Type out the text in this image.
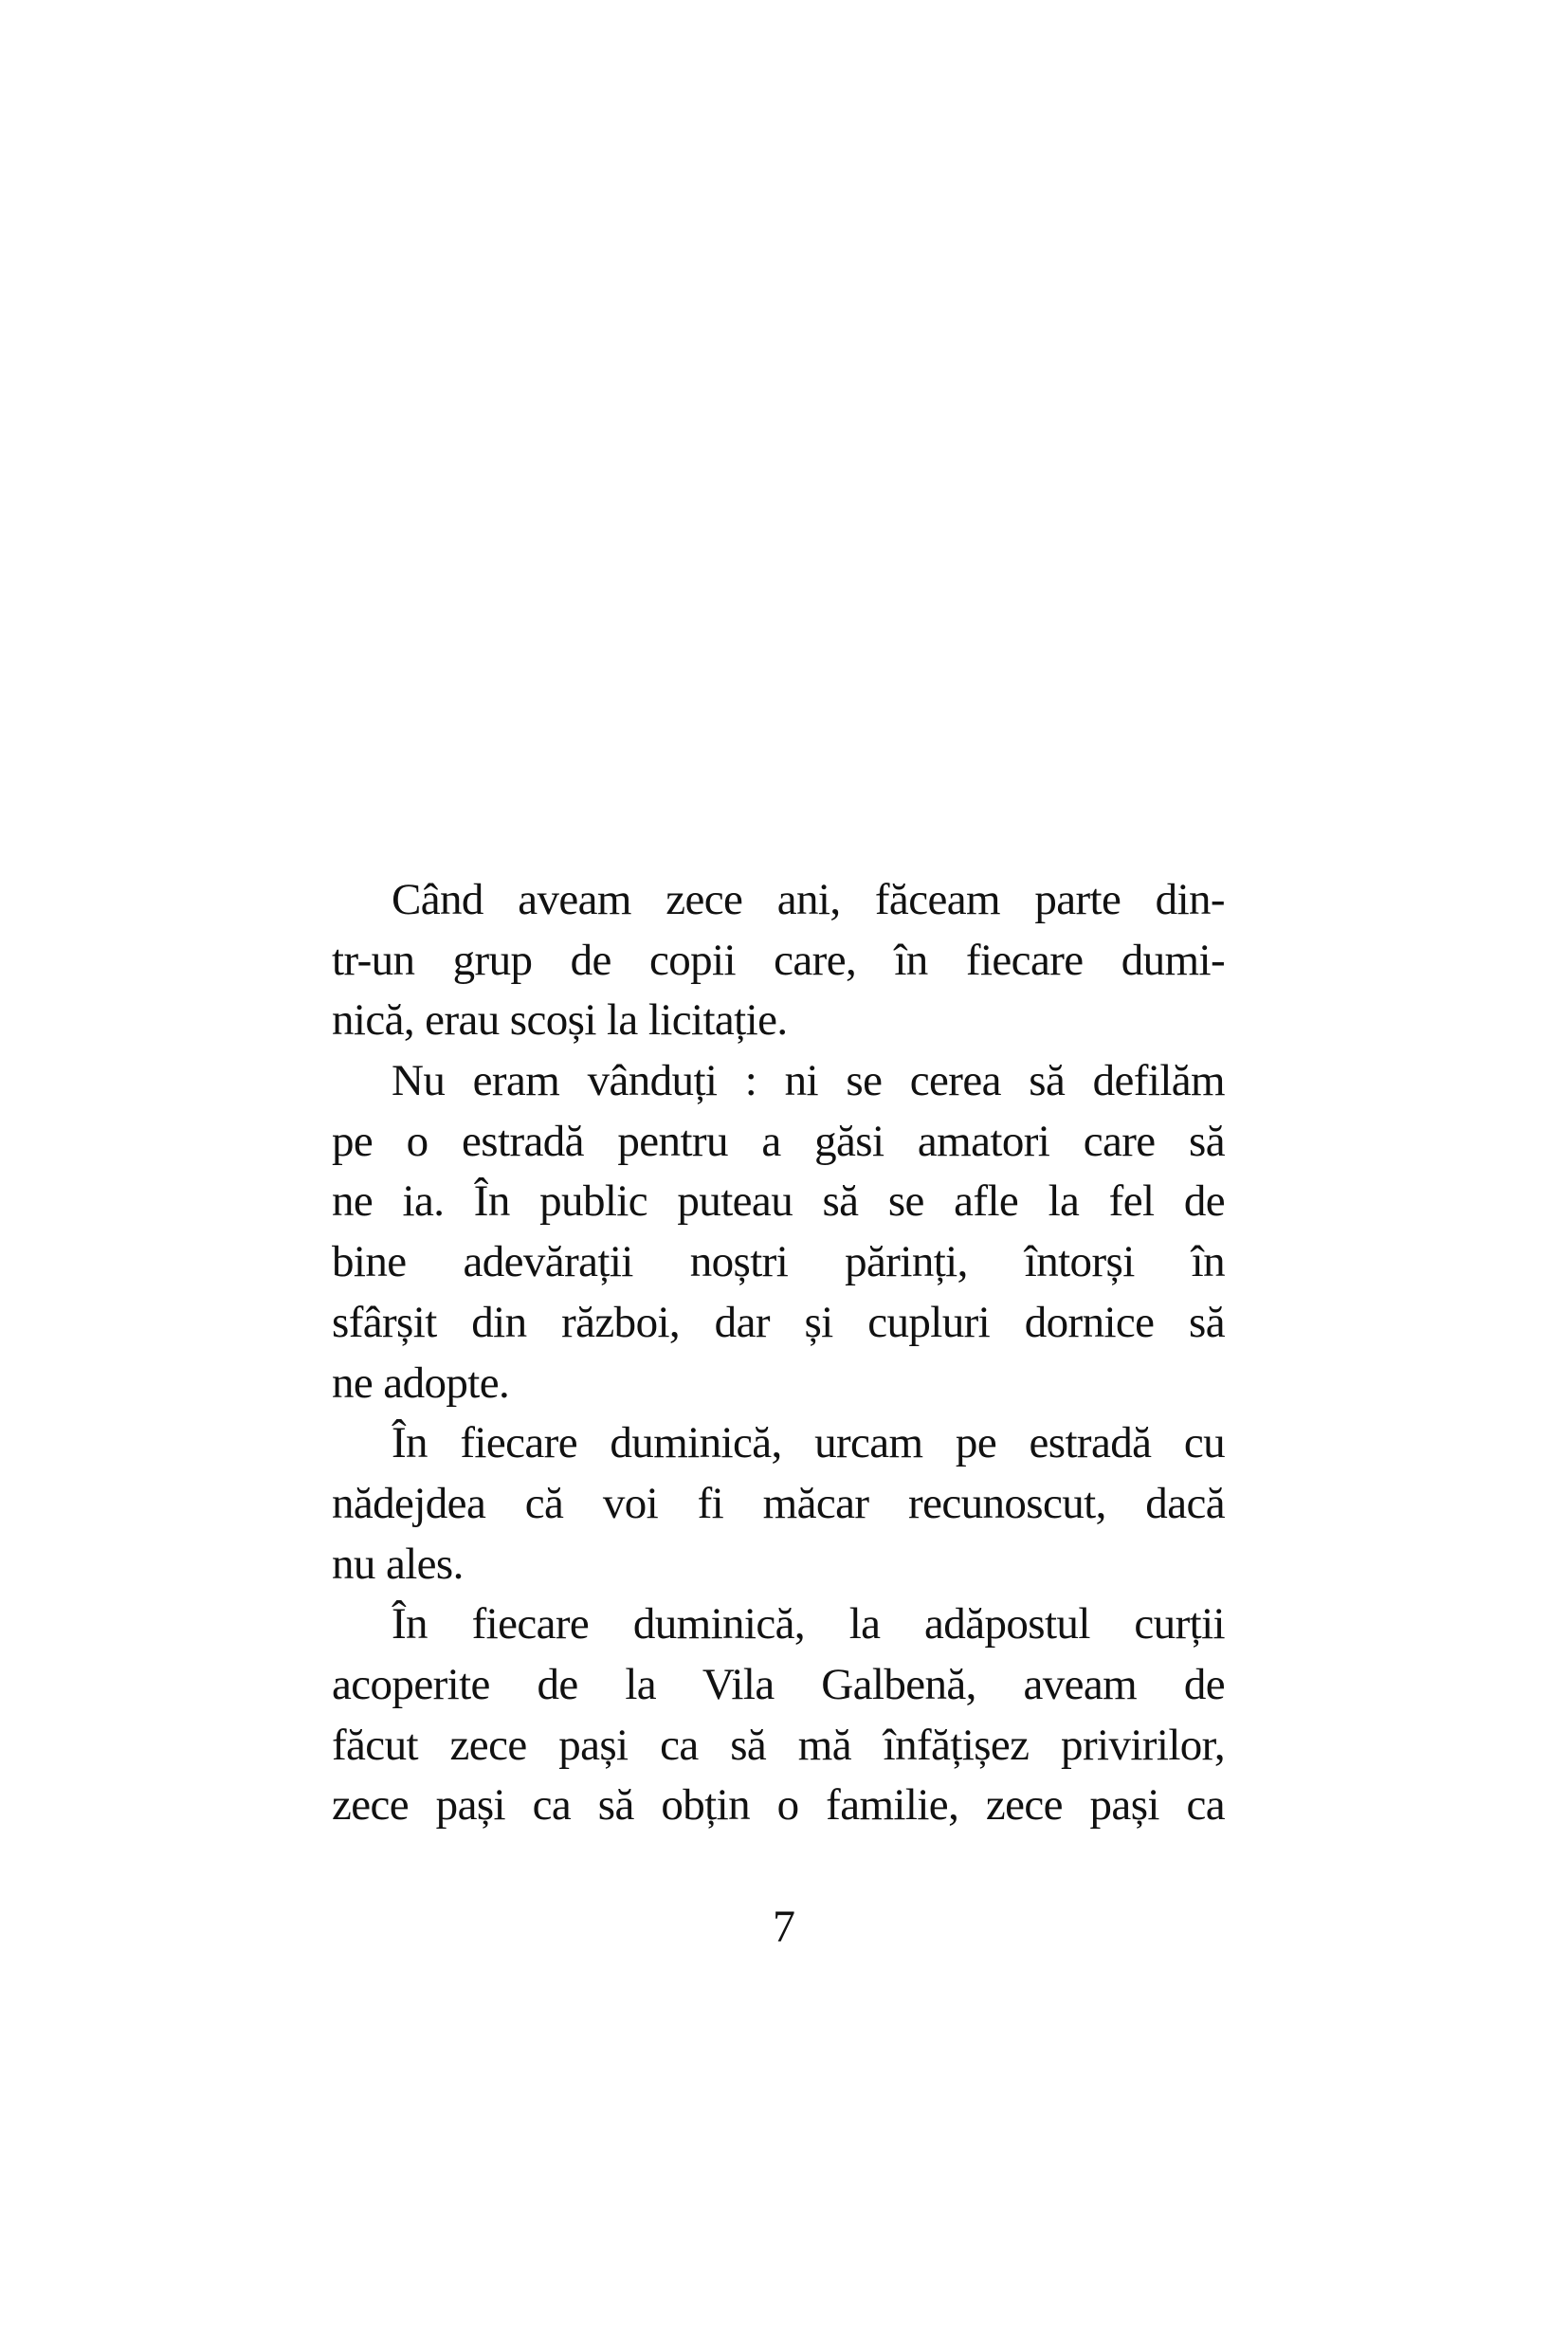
Când aveam zece ani, făceam parte din-
tr-un grup de copii care, în fiecare dumi-
nică, erau scoși la licitație.
Nu eram vânduți : ni se cerea să defilăm
pe o estradă pentru a găsi amatori care să
ne ia. În public puteau să se afle la fel de
bine adevărații noștri părinți, întorși în
sfârșit din război, dar și cupluri dornice să
ne adopte.
În fiecare duminică, urcam pe estradă cu
nădejdea că voi fi măcar recunoscut, dacă
nu ales.
În fiecare duminică, la adăpostul curții
acoperite de la Vila Galbenă, aveam de
făcut zece pași ca să mă înfățișez privirilor,
zece pași ca să obțin o familie, zece pași ca
7
